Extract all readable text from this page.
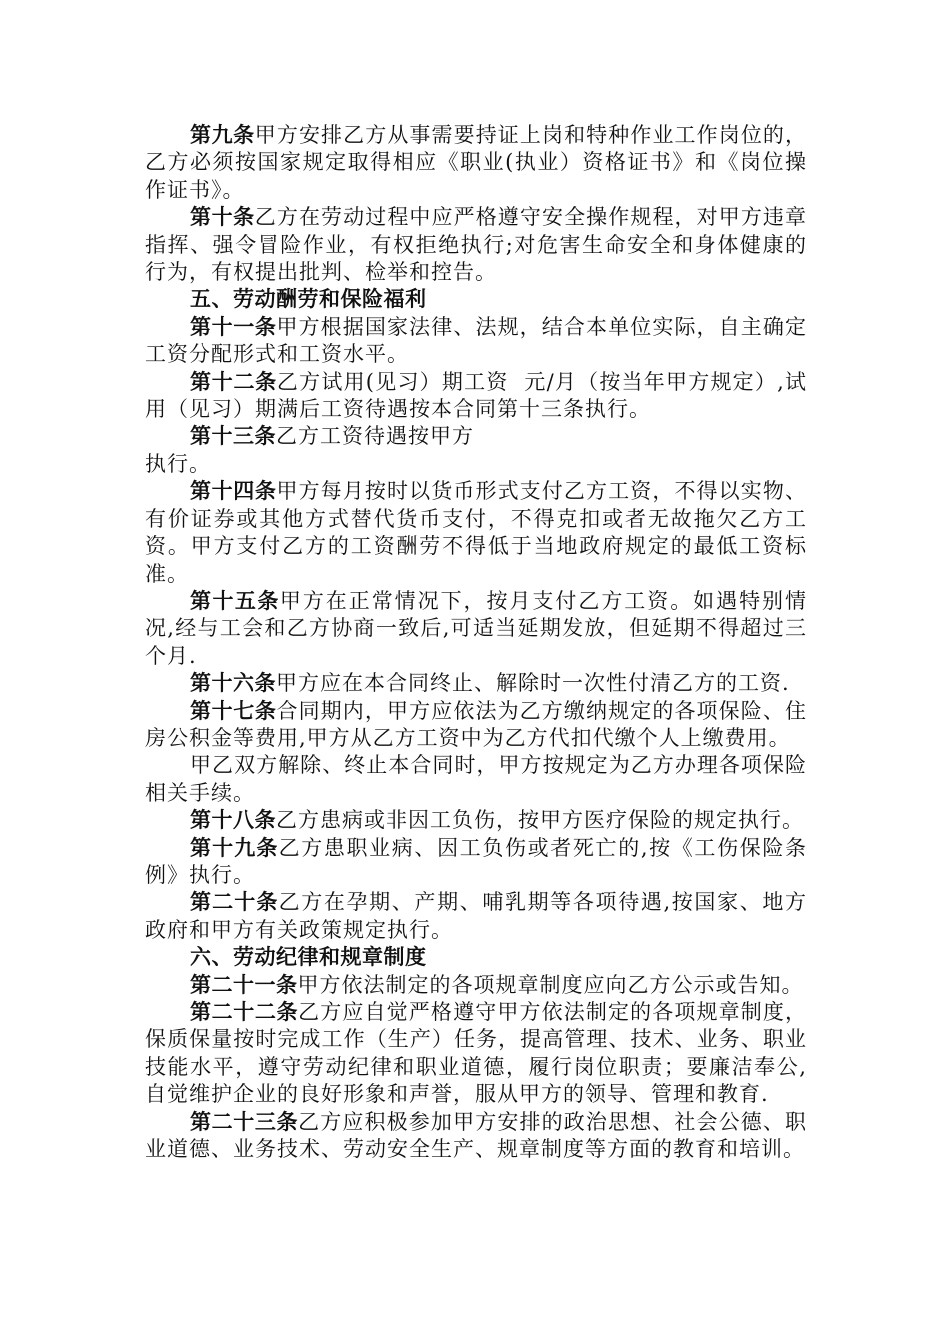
第九条甲方安排乙方从事需要持证上岗和特种作业工作岗位的，乙方必须按国家规定取得相应《职业(执业）资格证书》和《岗位操作证书》。

第十条乙方在劳动过程中应严格遵守安全操作规程，对甲方违章指挥、强令冒险作业，有权拒绝执行;对危害生命安全和身体健康的行为，有权提出批判、检举和控告。

五、劳动酬劳和保险福利

第十一条甲方根据国家法律、法规，结合本单位实际，自主确定工资分配形式和工资水平。

第十二条乙方试用(见习）期工资  元/月（按当年甲方规定）,试用（见习）期满后工资待遇按本合同第十三条执行。

第十三条乙方工资待遇按甲方

执行。

第十四条甲方每月按时以货币形式支付乙方工资，不得以实物、有价证券或其他方式替代货币支付，不得克扣或者无故拖欠乙方工资。甲方支付乙方的工资酬劳不得低于当地政府规定的最低工资标准。

第十五条甲方在正常情况下，按月支付乙方工资。如遇特别情况,经与工会和乙方协商一致后,可适当延期发放，但延期不得超过三个月.

第十六条甲方应在本合同终止、解除时一次性付清乙方的工资.

第十七条合同期内，甲方应依法为乙方缴纳规定的各项保险、住房公积金等费用,甲方从乙方工资中为乙方代扣代缴个人上缴费用。

甲乙双方解除、终止本合同时，甲方按规定为乙方办理各项保险相关手续。

第十八条乙方患病或非因工负伤，按甲方医疗保险的规定执行。

第十九条乙方患职业病、因工负伤或者死亡的,按《工伤保险条例》执行。

第二十条乙方在孕期、产期、哺乳期等各项待遇,按国家、地方政府和甲方有关政策规定执行。

六、劳动纪律和规章制度

第二十一条甲方依法制定的各项规章制度应向乙方公示或告知。

第二十二条乙方应自觉严格遵守甲方依法制定的各项规章制度，保质保量按时完成工作（生产）任务，提高管理、技术、业务、职业技能水平，遵守劳动纪律和职业道德，履行岗位职责；要廉洁奉公,自觉维护企业的良好形象和声誉，服从甲方的领导、管理和教育.

第二十三条乙方应积极参加甲方安排的政治思想、社会公德、职业道德、业务技术、劳动安全生产、规章制度等方面的教育和培训。
